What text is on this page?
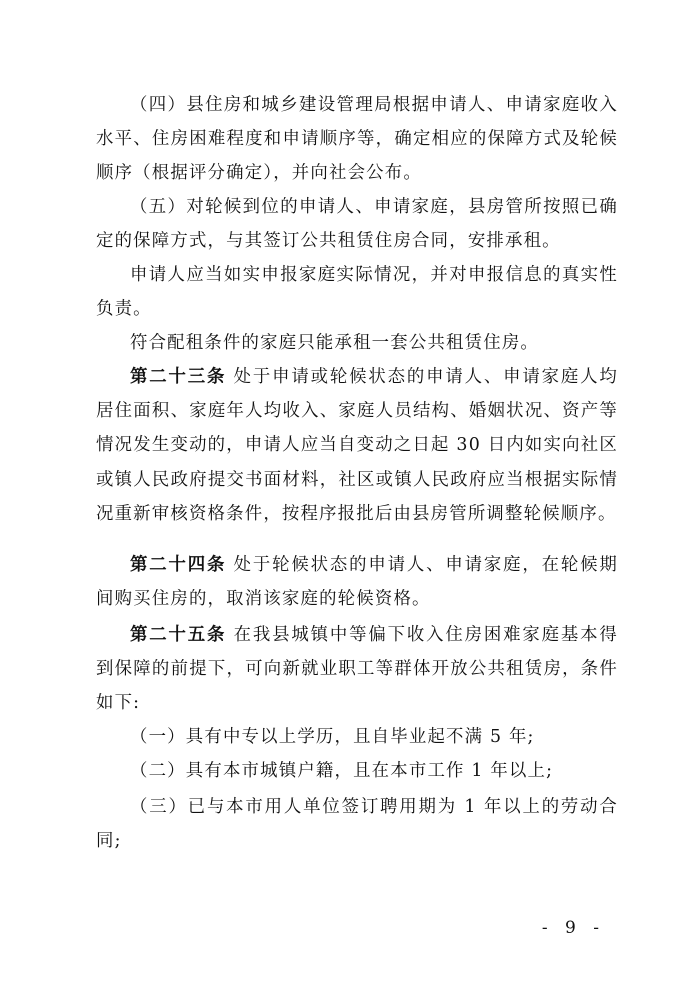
（四）县住房和城乡建设管理局根据申请人、申请家庭收入水平、住房困难程度和申请顺序等，确定相应的保障方式及轮候顺序（根据评分确定），并向社会公布。

（五）对轮候到位的申请人、申请家庭，县房管所按照已确定的保障方式，与其签订公共租赁住房合同，安排承租。

申请人应当如实申报家庭实际情况，并对申报信息的真实性负责。

符合配租条件的家庭只能承租一套公共租赁住房。

第二十三条 处于申请或轮候状态的申请人、申请家庭人均居住面积、家庭年人均收入、家庭人员结构、婚姻状况、资产等情况发生变动的，申请人应当自变动之日起 30 日内如实向社区或镇人民政府提交书面材料，社区或镇人民政府应当根据实际情况重新审核资格条件，按程序报批后由县房管所调整轮候顺序。

第二十四条 处于轮候状态的申请人、申请家庭，在轮候期间购买住房的，取消该家庭的轮候资格。

第二十五条 在我县城镇中等偏下收入住房困难家庭基本得到保障的前提下，可向新就业职工等群体开放公共租赁房，条件如下:

（一）具有中专以上学历，且自毕业起不满 5 年;

（二）具有本市城镇户籍，且在本市工作 1 年以上;

（三）已与本市用人单位签订聘用期为 1 年以上的劳动合同;

- 9 -
